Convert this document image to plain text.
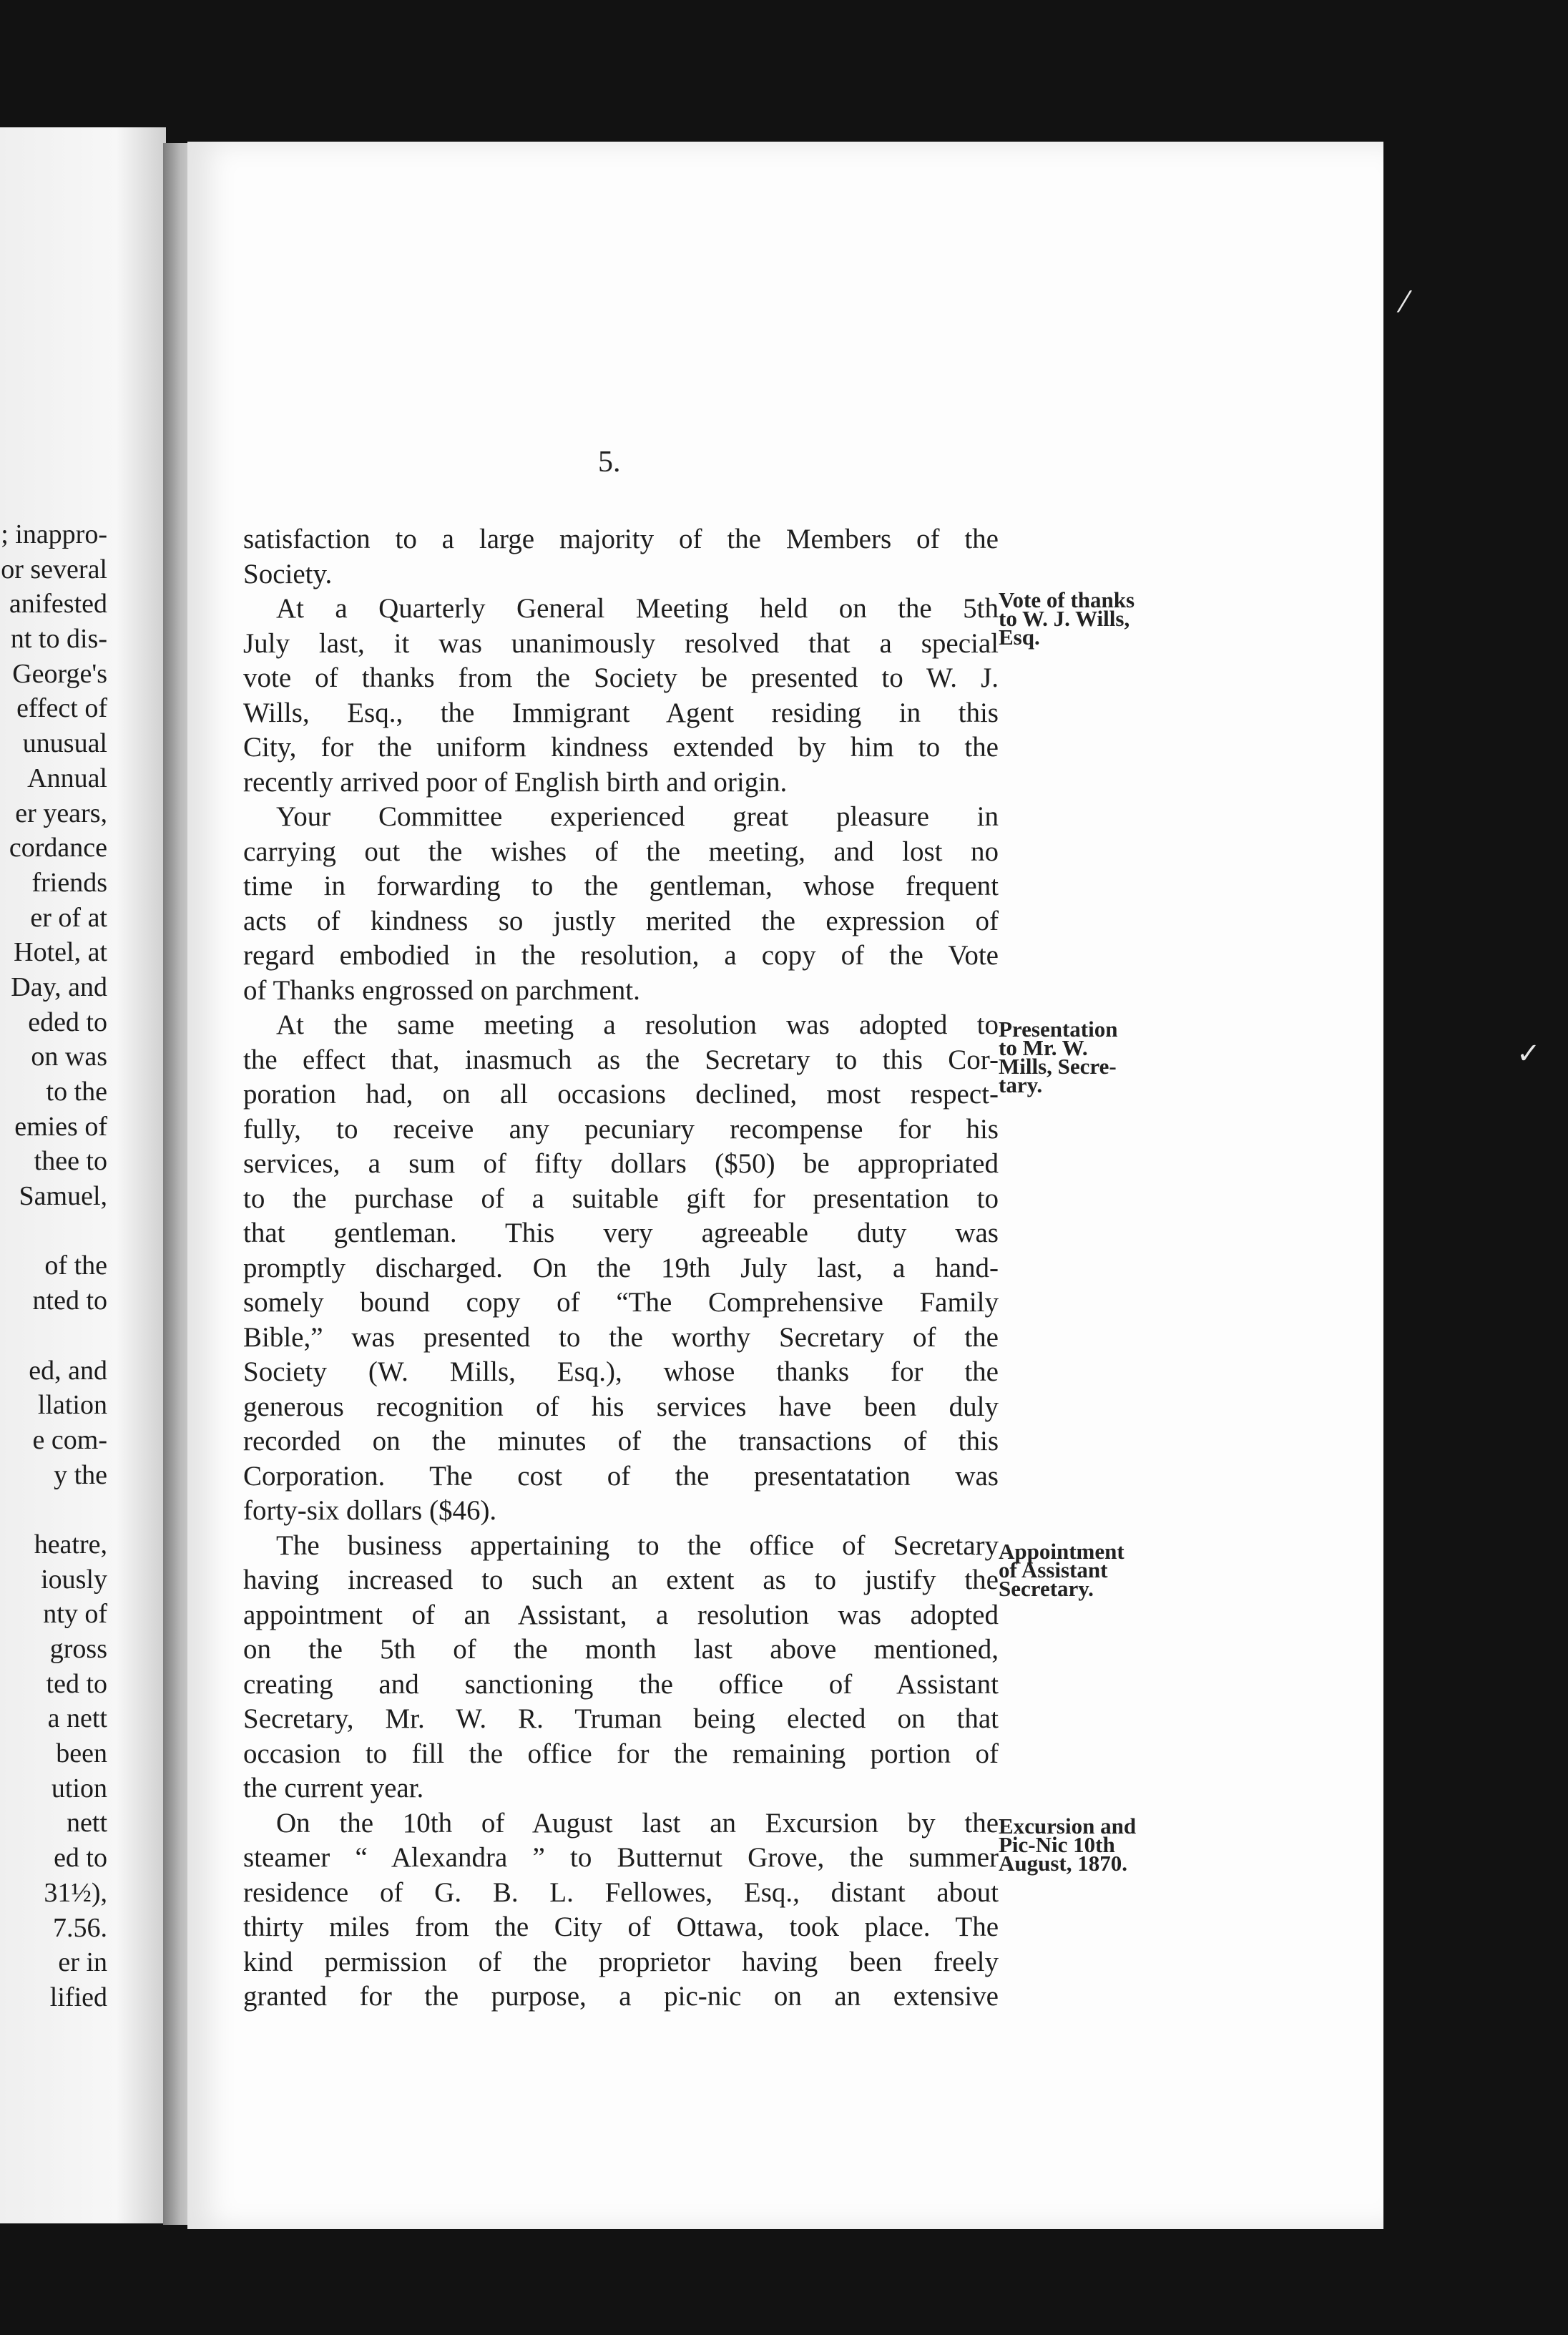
; inappro-
or several
anifested
nt to dis-
George's
effect of
unusual
Annual
er years,
cordance
friends
er of at
Hotel, at
Day, and
eded to
on was
to the
emies of
thee to
Samuel,
of the
nted to
ed, and
llation
e com-
y the
heatre,
iously
nty of
gross
ted to
a nett
been
ution
nett
ed to
31½),
7.56.
er in
lified
5.
satisfaction to a large majority of the Members of the
Society.
At a Quarterly General Meeting held on the 5th
July last, it was unanimously resolved that a special
vote of thanks from the Society be presented to W. J.
Wills, Esq., the Immigrant Agent residing in this
City, for the uniform kindness extended by him to the
recently arrived poor of English birth and origin.
Your Committee experienced great pleasure in
carrying out the wishes of the meeting, and lost no
time in forwarding to the gentleman, whose frequent
acts of kindness so justly merited the expression of
regard embodied in the resolution, a copy of the Vote
of Thanks engrossed on parchment.
At the same meeting a resolution was adopted to
the effect that, inasmuch as the Secretary to this Cor-
poration had, on all occasions declined, most respect-
fully, to receive any pecuniary recompense for his
services, a sum of fifty dollars ($50) be appropriated
to the purchase of a suitable gift for presentation to
that gentleman. This very agreeable duty was
promptly discharged. On the 19th July last, a hand-
somely bound copy of “The Comprehensive Family
Bible,” was presented to the worthy Secretary of the
Society (W. Mills, Esq.), whose thanks for the
generous recognition of his services have been duly
recorded on the minutes of the transactions of this
Corporation. The cost of the presentatation was
forty-six dollars ($46).
The business appertaining to the office of Secretary
having increased to such an extent as to justify the
appointment of an Assistant, a resolution was adopted
on the 5th of the month last above mentioned,
creating and sanctioning the office of Assistant
Secretary, Mr. W. R. Truman being elected on that
occasion to fill the office for the remaining portion of
the current year.
On the 10th of August last an Excursion by the
steamer “ Alexandra ” to Butternut Grove, the summer
residence of G. B. L. Fellowes, Esq., distant about
thirty miles from the City of Ottawa, took place. The
kind permission of the proprietor having been freely
granted for the purpose, a pic-nic on an extensive
Vote of thanks
to W. J. Wills,
Esq.
Presentation
to Mr. W.
Mills, Secre-
tary.
Appointment
of Assistant
Secretary.
Excursion and
Pic-Nic 10th
August, 1870.
⁄
✓
